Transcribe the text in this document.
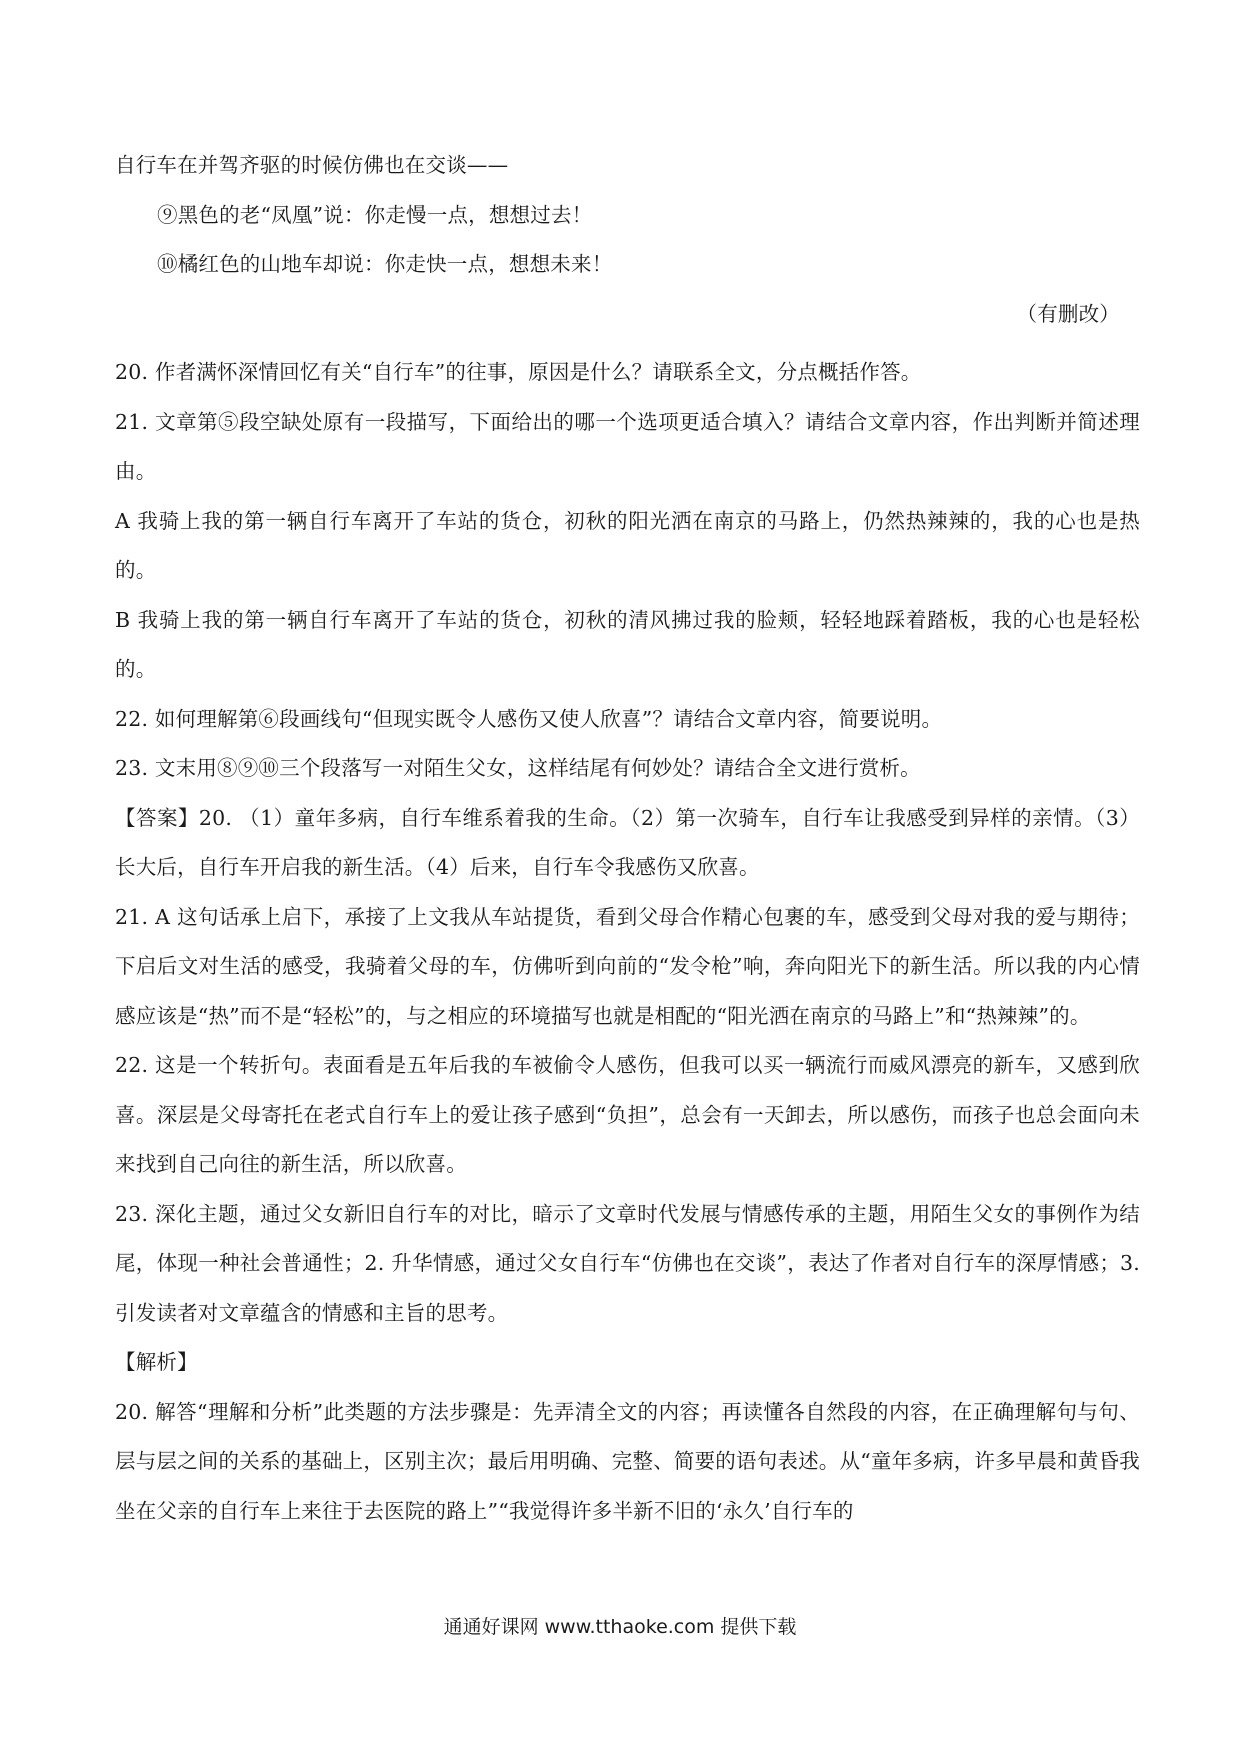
自行车在并驾齐驱的时候仿佛也在交谈——
⑨黑色的老“凤凰”说：你走慢一点，想想过去！
⑩橘红色的山地车却说：你走快一点，想想未来！
（有删改）
20. 作者满怀深情回忆有关“自行车”的往事，原因是什么？请联系全文，分点概括作答。
21. 文章第⑤段空缺处原有一段描写，下面给出的哪一个选项更适合填入？请结合文章内容，作出判断并简述理由。
A 我骑上我的第一辆自行车离开了车站的货仓，初秋的阳光洒在南京的马路上，仍然热辣辣的，我的心也是热的。
B 我骑上我的第一辆自行车离开了车站的货仓，初秋的清风拂过我的脸颊，轻轻地踩着踏板，我的心也是轻松的。
22. 如何理解第⑥段画线句“但现实既令人感伤又使人欣喜”？请结合文章内容，简要说明。
23. 文末用⑧⑨⑩三个段落写一对陌生父女，这样结尾有何妙处？请结合全文进行赏析。
【答案】20. （1）童年多病，自行车维系着我的生命。（2）第一次骑车，自行车让我感受到异样的亲情。（3）长大后，自行车开启我的新生活。（4）后来，自行车令我感伤又欣喜。
21. A 这句话承上启下，承接了上文我从车站提货，看到父母合作精心包裹的车，感受到父母对我的爱与期待；下启后文对生活的感受，我骑着父母的车，仿佛听到向前的“发令枪”响，奔向阳光下的新生活。所以我的内心情感应该是“热”而不是“轻松”的，与之相应的环境描写也就是相配的“阳光洒在南京的马路上”和“热辣辣”的。
22. 这是一个转折句。表面看是五年后我的车被偷令人感伤，但我可以买一辆流行而威风漂亮的新车，又感到欣喜。深层是父母寄托在老式自行车上的爱让孩子感到“负担”，总会有一天卸去，所以感伤，而孩子也总会面向未来找到自己向往的新生活，所以欣喜。
23. 深化主题，通过父女新旧自行车的对比，暗示了文章时代发展与情感传承的主题，用陌生父女的事例作为结尾，体现一种社会普通性；2. 升华情感，通过父女自行车“仿佛也在交谈”，表达了作者对自行车的深厚情感；3. 引发读者对文章蕴含的情感和主旨的思考。
【解析】
20. 解答“理解和分析”此类题的方法步骤是：先弄清全文的内容；再读懂各自然段的内容，在正确理解句与句、层与层之间的关系的基础上，区别主次；最后用明确、完整、简要的语句表述。从“童年多病，许多早晨和黄昏我坐在父亲的自行车上来往于去医院的路上”“我觉得许多半新不旧的‘永久’自行车的
通通好课网 www.tthaoke.com 提供下载
